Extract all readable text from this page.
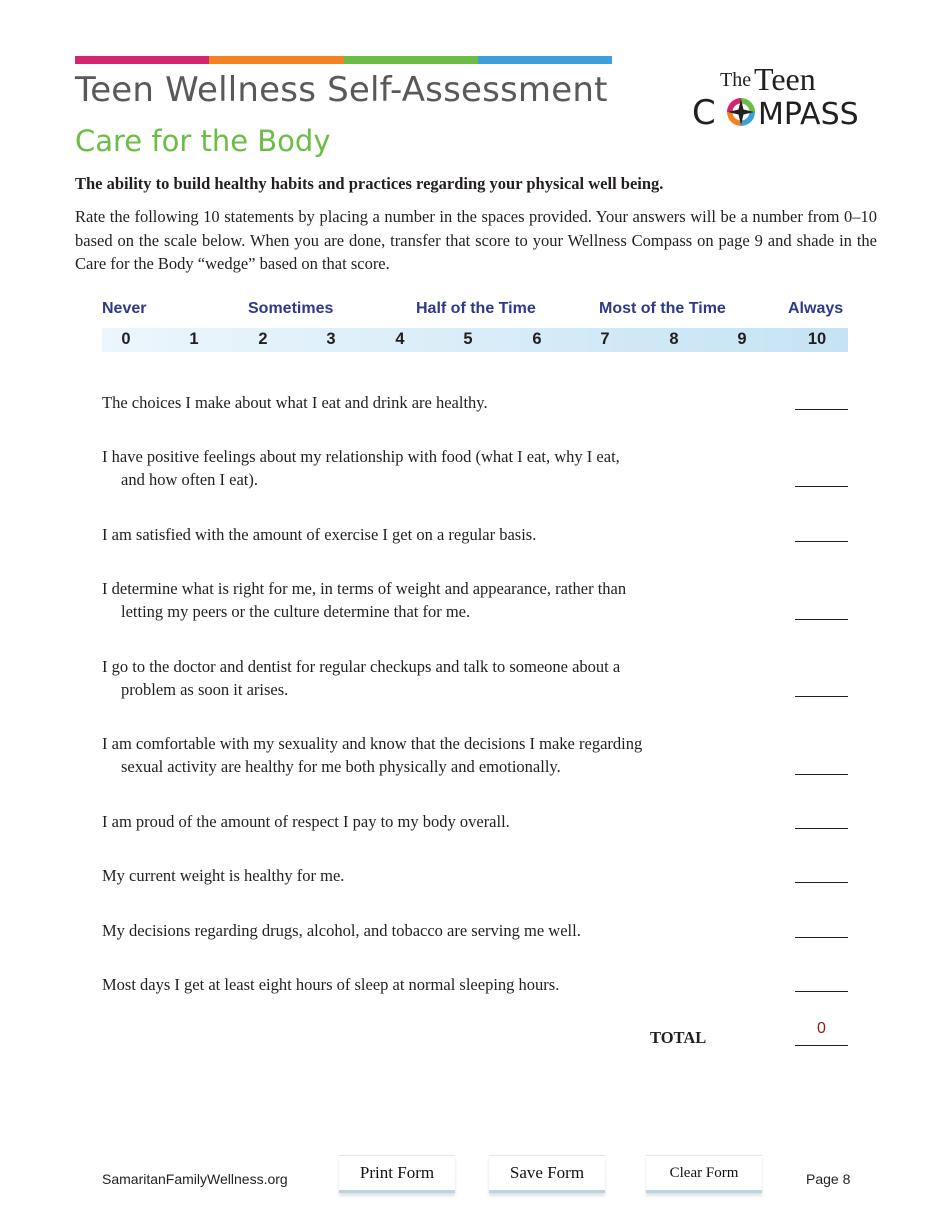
Teen Wellness Self-Assessment
Care for the Body
The Teen
C MPASS
The ability to build healthy habits and practices regarding your physical well being.
Rate the following 10 statements by placing a number in the spaces provided. Your answers will be a number from 0–10 based on the scale below. When you are done, transfer that score to your Wellness Compass on page 9 and shade in the Care for the Body “wedge” based on that score.
Never	Sometimes	Half of the Time	Most of the Time	Always
0	1	2	3	4	5	6	7	8	9	10
The choices I make about what I eat and drink are healthy.
I have positive feelings about my relationship with food (what I eat, why I eat,
and how often I eat).
I am satisfied with the amount of exercise I get on a regular basis.
I determine what is right for me, in terms of weight and appearance, rather than
letting my peers or the culture determine that for me.
I go to the doctor and dentist for regular checkups and talk to someone about a
problem as soon it arises.
I am comfortable with my sexuality and know that the decisions I make regarding
sexual activity are healthy for me both physically and emotionally.
I am proud of the amount of respect I pay to my body overall.
My current weight is healthy for me.
My decisions regarding drugs, alcohol, and tobacco are serving me well.
Most days I get at least eight hours of sleep at normal sleeping hours.
TOTAL	0
SamaritanFamilyWellness.org	Print Form	Save Form	Clear Form	Page 8
